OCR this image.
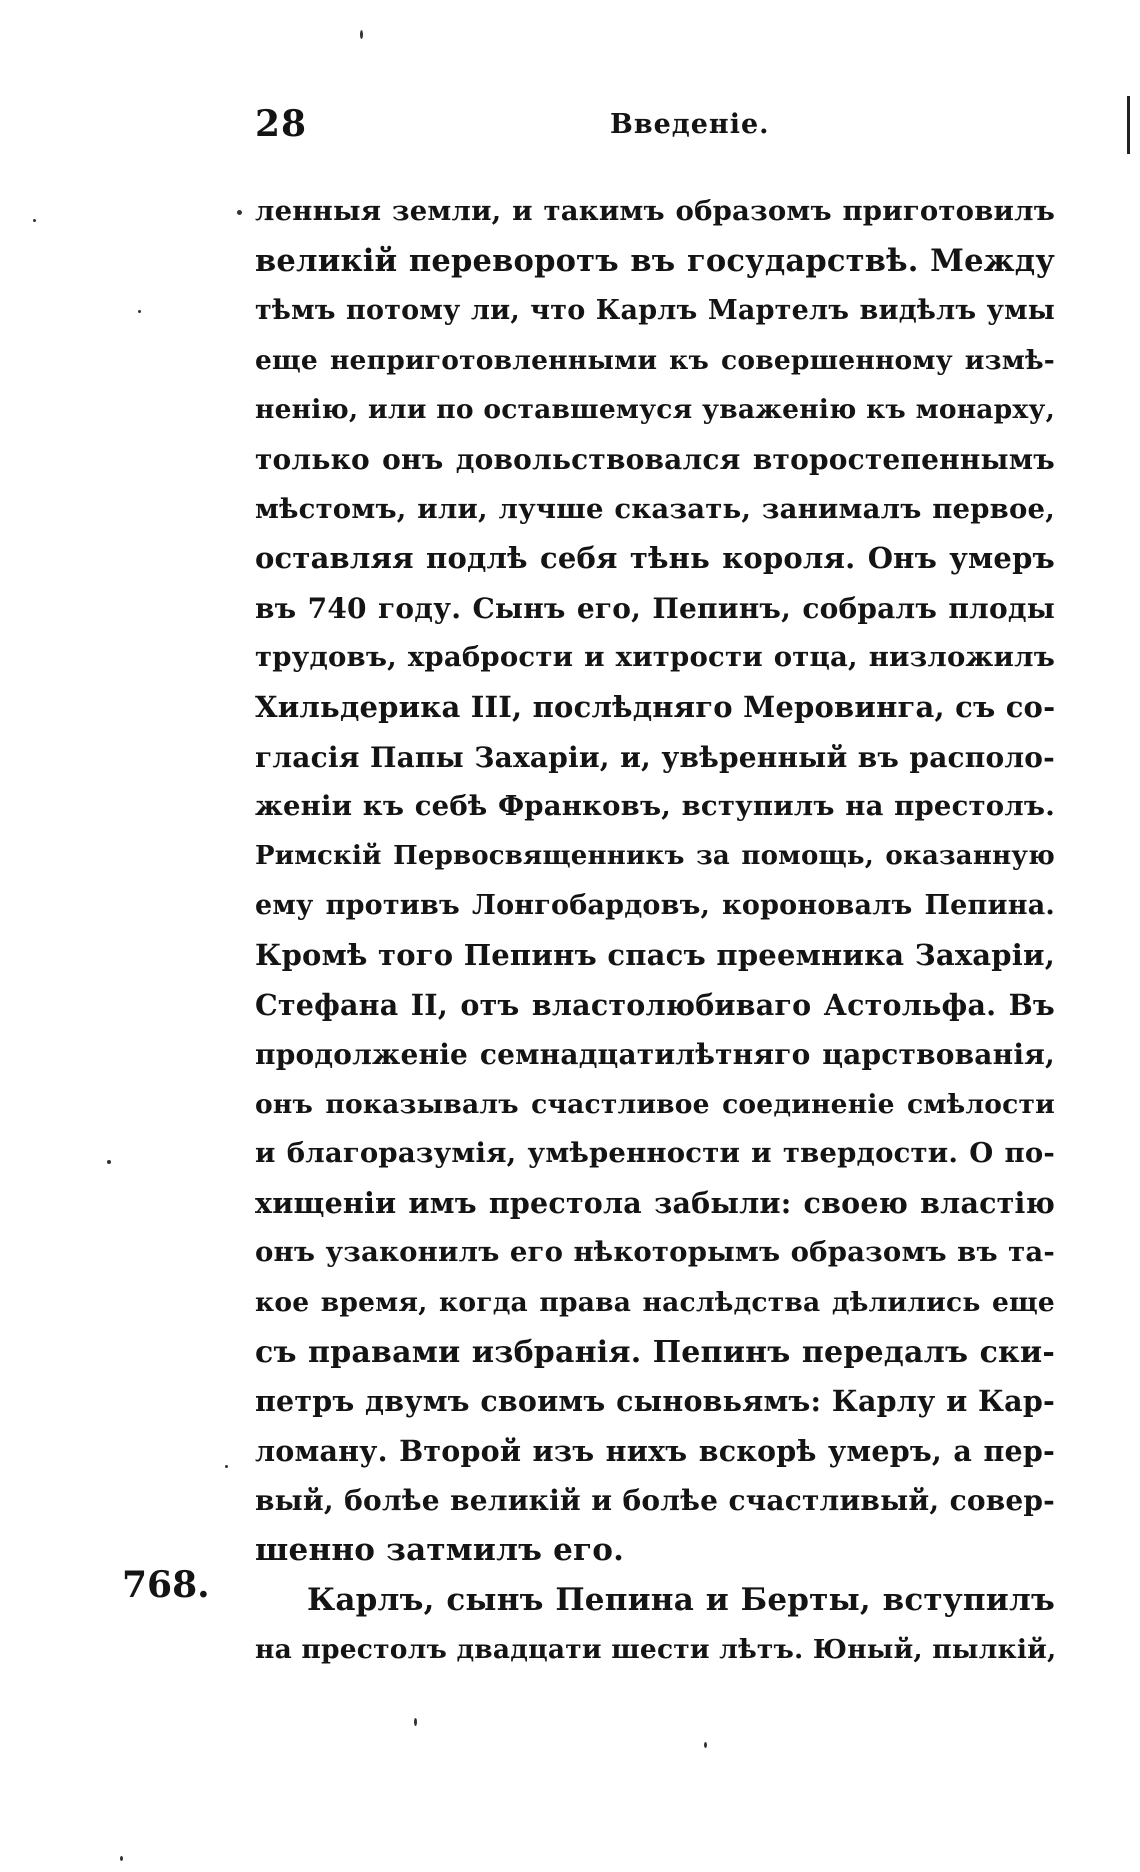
28	Введеніе.
768.
ленныя земли, и такимъ образомъ приготовилъ
великій переворотъ въ государствѣ. Между
тѣмъ потому ли, что Карлъ Мартелъ видѣлъ умы
еще неприготовленными къ совершенному измѣ-
ненію, или по оставшемуся уваженію къ монарху,
только онъ довольствовался второстепеннымъ
мѣстомъ, или, лучше сказать, занималъ первое,
оставляя подлѣ себя тѣнь короля. Онъ умеръ
въ 740 году. Сынъ его, Пепинъ, собралъ плоды
трудовъ, храбрости и хитрости отца, низложилъ
Хильдерика III, послѣдняго Меровинга, съ со-
гласія Папы Захаріи, и, увѣренный въ располо-
женіи къ себѣ Франковъ, вступилъ на престолъ.
Римскій Первосвященникъ за помощь, оказанную
ему противъ Лонгобардовъ, короновалъ Пепина.
Кромѣ того Пепинъ спасъ преемника Захаріи,
Стефана II, отъ властолюбиваго Астольфа. Въ
продолженіе семнадцатилѣтняго царствованія,
онъ показывалъ счастливое соединеніе смѣлости
и благоразумія, умѣренности и твердости. О по-
хищеніи имъ престола забыли: своею властію
онъ узаконилъ его нѣкоторымъ образомъ въ та-
кое время, когда права наслѣдства дѣлились еще
съ правами избранія. Пепинъ передалъ ски-
петръ двумъ своимъ сыновьямъ: Карлу и Кар-
ломану. Второй изъ нихъ вскорѣ умеръ, а пер-
вый, болѣе великій и болѣе счастливый, совер-
шенно затмилъ его.
Карлъ, сынъ Пепина и Берты, вступилъ
на престолъ двадцати шести лѣтъ. Юный, пылкій,
